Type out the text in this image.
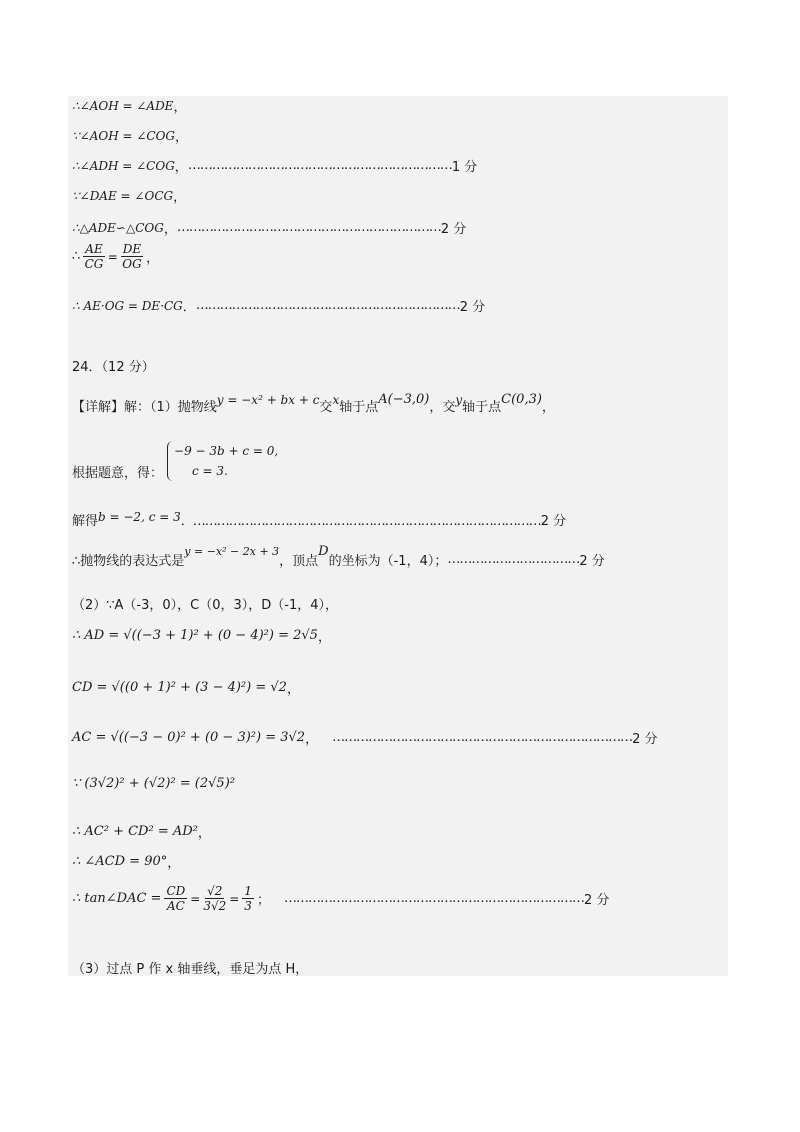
∴∠AOH = ∠ADE ，
∵∠AOH = ∠COG ，
∴∠ADH = ∠COG ， ………………………………………………………… 1 分
∵∠DAE = ∠OCG ，
∴△ADE∽△COG ， ………………………………………………………… 2 分
∴ $\frac{AE}{CG} = \frac{DE}{OG}$ ，
∴ AE·OG = DE·CG ． ………………………………………………………… 2 分
24．（12 分）
【详解】解：（1）抛物线
y = −x² + bx + c
交
x
轴于点
A(−3,0)
，交
y
轴于点
C(0,3)
，
根据题意，得：
−9 − 3b + c = 0,
c = 3.
解得 b = −2, c = 3 ．…………………………………………………………………………… 2 分
∴抛物线的表达式是
y = −x² − 2x + 3
，顶点
D
的坐标为（-1，4）； …………………………… 2 分
（2）∵A（-3，0），C（0，3），D（-1，4），
∴ AD = √((−3 + 1)² + (0 − 4)²) = 2√5 ，
CD = √((0 + 1)² + (3 − 4)²) = √2 ，
AC = √((−3 − 0)² + (0 − 3)²) = 3√2 ， ………………………………………………………………… 2 分
∵ (3√2)² + (√2)² = (2√5)²
∴ AC² + CD² = AD² ，
∴ ∠ACD = 90° ，
∴ tan∠DAC = $\frac{CD}{AC} = \frac{√2}{3√2} = \frac{1}{3}$ ； ………………………………………………………………… 2 分
（3）过点 P 作 x 轴垂线，垂足为点 H，
